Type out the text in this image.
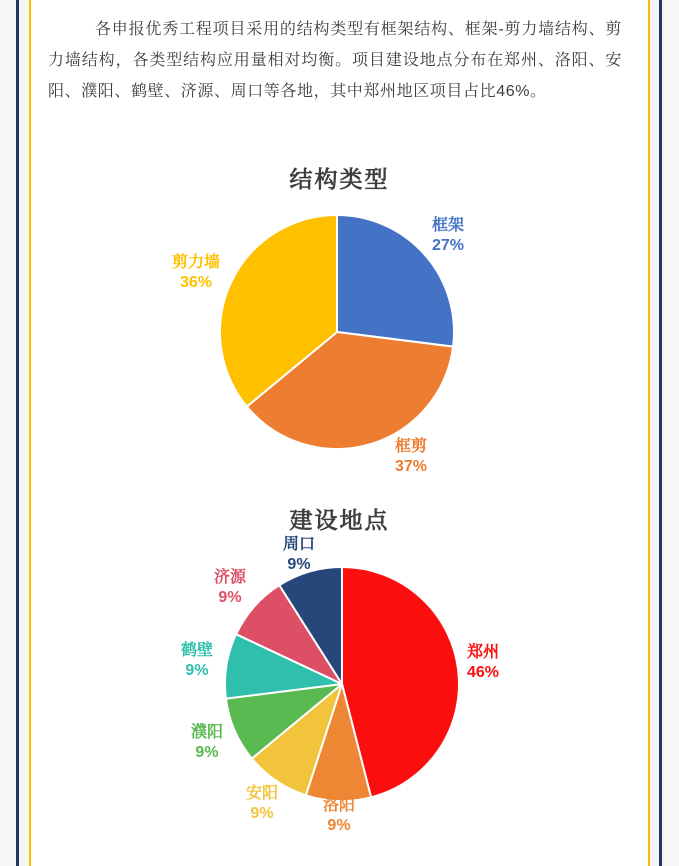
各申报优秀工程项目采用的结构类型有框架结构、框架-剪力墙结构、剪力墙结构，各类型结构应用量相对均衡。项目建设地点分布在郑州、洛阳、安阳、濮阳、鹤壁、济源、周口等各地，其中郑州地区项目占比46%。
结构类型
框架
27%
框剪
37%
剪力墙
36%
建设地点
郑州
46%
洛阳
9%
安阳
9%
濮阳
9%
鹤壁
9%
济源
9%
周口
9%
